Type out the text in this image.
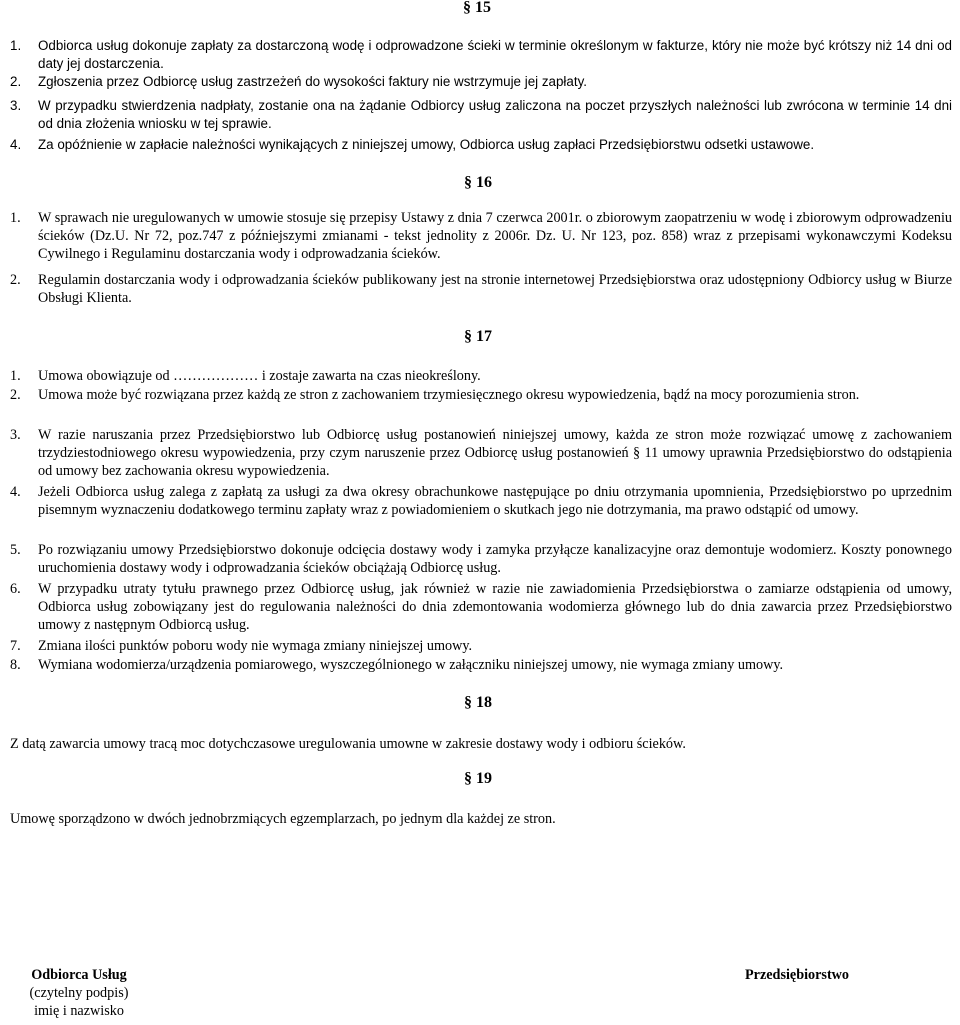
§ 15
1. Odbiorca usług dokonuje zapłaty za dostarczoną wodę i odprowadzone ścieki w terminie określonym w fakturze, który nie może być krótszy niż 14 dni od daty jej dostarczenia.
2. Zgłoszenia przez Odbiorcę usług zastrzeżeń do wysokości faktury nie wstrzymuje jej zapłaty.
3. W przypadku stwierdzenia nadpłaty, zostanie ona na żądanie Odbiorcy usług zaliczona na poczet przyszłych należności lub zwrócona w terminie 14 dni od dnia złożenia wniosku w tej sprawie.
4. Za opóźnienie w zapłacie należności wynikających z niniejszej umowy, Odbiorca usług zapłaci Przedsiębiorstwu odsetki ustawowe.
§ 16
1. W sprawach nie uregulowanych w umowie stosuje się przepisy Ustawy z dnia 7 czerwca 2001r. o zbiorowym zaopatrzeniu w wodę i zbiorowym odprowadzeniu ścieków (Dz.U. Nr 72, poz.747 z późniejszymi zmianami - tekst jednolity z 2006r. Dz. U. Nr 123, poz. 858) wraz z przepisami wykonawczymi Kodeksu Cywilnego i Regulaminu dostarczania wody i odprowadzania ścieków.
2. Regulamin dostarczania wody i odprowadzania ścieków publikowany jest na stronie internetowej Przedsiębiorstwa oraz udostępniony Odbiorcy usług w Biurze Obsługi Klienta.
§ 17
1. Umowa obowiązuje od ……………… i zostaje zawarta na czas nieokreślony.
2. Umowa może być rozwiązana przez każdą ze stron z zachowaniem trzymiesięcznego okresu wypowiedzenia, bądź na mocy porozumienia stron.
3. W razie naruszania przez Przedsiębiorstwo lub Odbiorcę usług postanowień niniejszej umowy, każda ze stron może rozwiązać umowę z zachowaniem trzydziestodniowego okresu wypowiedzenia, przy czym naruszenie przez Odbiorcę usług postanowień § 11 umowy uprawnia Przedsiębiorstwo do odstąpienia od umowy bez zachowania okresu wypowiedzenia.
4. Jeżeli Odbiorca usług zalega z zapłatą za usługi za dwa okresy obrachunkowe następujące po dniu otrzymania upomnienia, Przedsiębiorstwo po uprzednim pisemnym wyznaczeniu dodatkowego terminu zapłaty wraz z powiadomieniem o skutkach jego nie dotrzymania, ma prawo odstąpić od umowy.
5. Po rozwiązaniu umowy Przedsiębiorstwo dokonuje odcięcia dostawy wody i zamyka przyłącze kanalizacyjne oraz demontuje wodomierz. Koszty ponownego uruchomienia dostawy wody i odprowadzania ścieków obciążają Odbiorcę usług.
6. W przypadku utraty tytułu prawnego przez Odbiorcę usług, jak również w razie nie zawiadomienia Przedsiębiorstwa o zamiarze odstąpienia od umowy, Odbiorca usług zobowiązany jest do regulowania należności do dnia zdemontowania wodomierza głównego lub do dnia zawarcia przez Przedsiębiorstwo umowy z następnym Odbiorcą usług.
7. Zmiana ilości punktów poboru wody nie wymaga zmiany niniejszej umowy.
8. Wymiana wodomierza/urządzenia pomiarowego, wyszczególnionego w załączniku niniejszej umowy, nie wymaga zmiany umowy.
§ 18
Z datą zawarcia umowy tracą moc dotychczasowe uregulowania umowne w zakresie dostawy wody i odbioru ścieków.
§ 19
Umowę sporządzono w dwóch jednobrzmiących egzemplarzach, po jednym dla każdej ze stron.
Odbiorca Usług
(czytelny podpis)
imię i nazwisko
Przedsiębiorstwo
